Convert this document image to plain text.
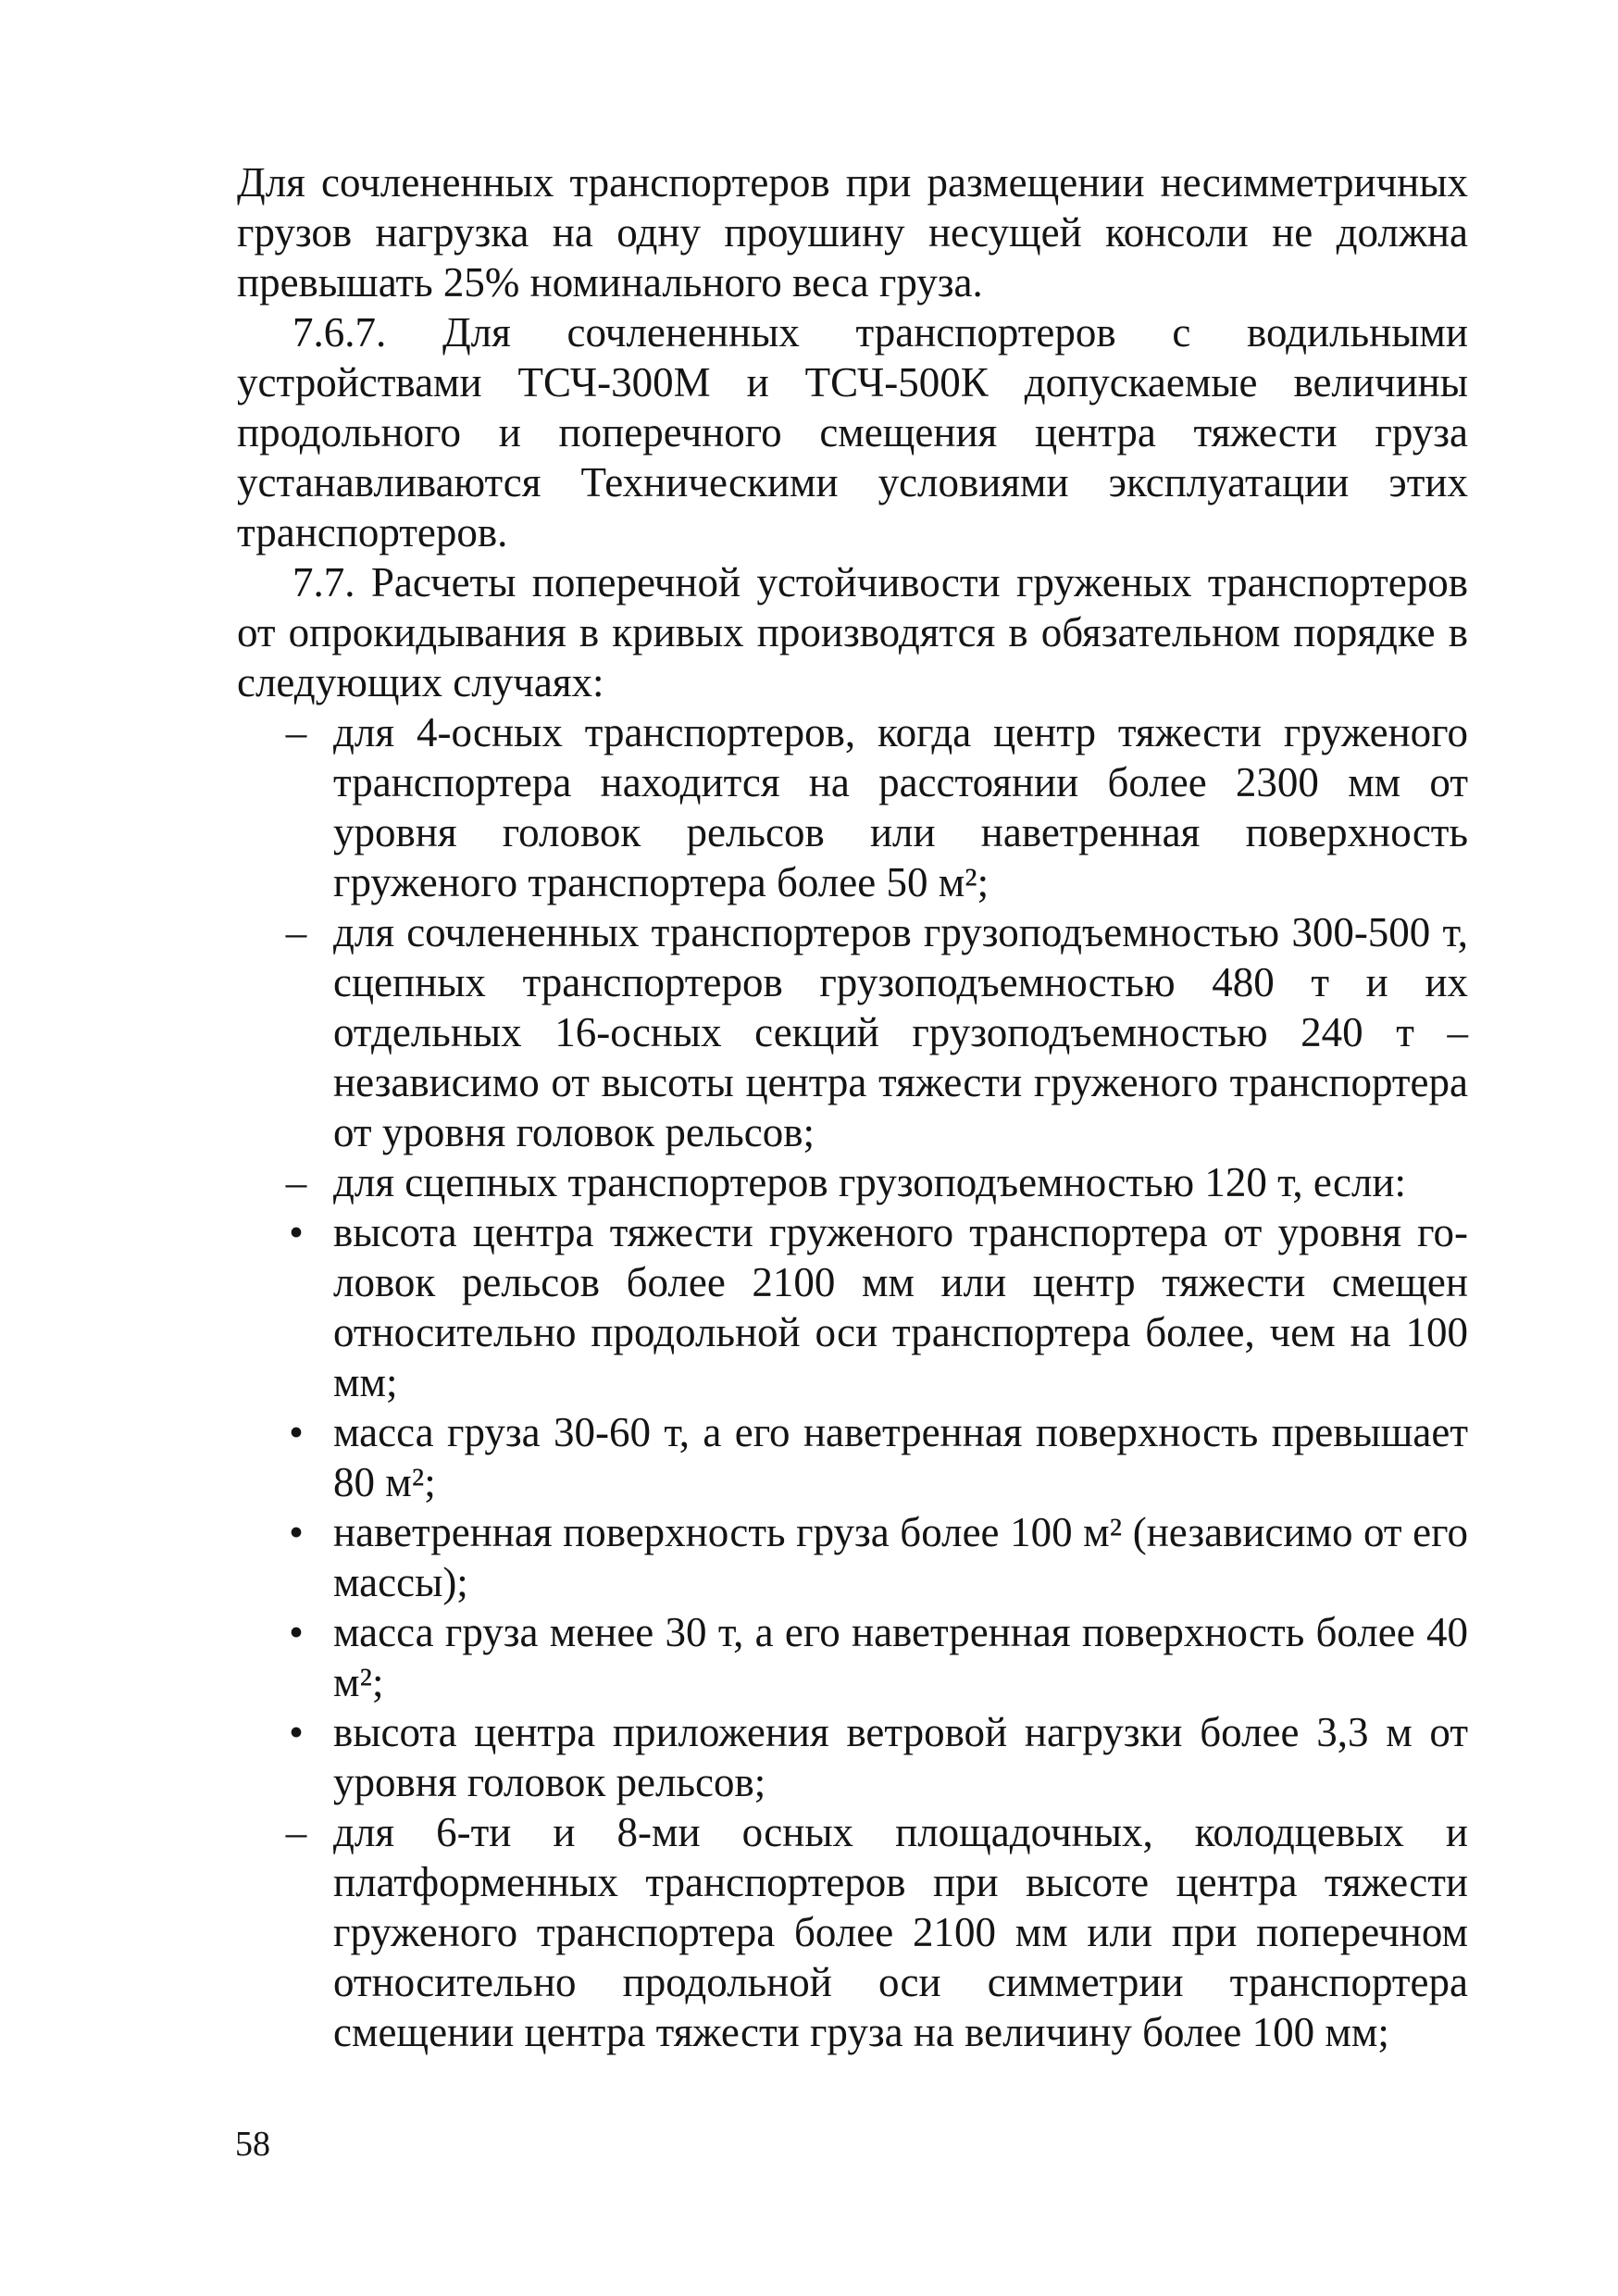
Для сочлененных транспортеров при размещении несимметричных грузов нагрузка на одну проушину несущей консоли не должна превышать 25% номинального веса груза.

7.6.7. Для сочлененных транспортеров с водильными устройствами ТСЧ-300М и ТСЧ-500К допускаемые величины продольного и поперечного смещения центра тяжести груза устанавливаются Техническими условиями эксплуатации этих транспортеров.

7.7. Расчеты поперечной устойчивости груженых транспортеров от опрокидывания в кривых производятся в обязательном порядке в следующих случаях:

– для 4-осных транспортеров, когда центр тяжести груженого транспортера находится на расстоянии более 2300 мм от уровня головок рельсов или наветренная поверхность груженого транспортера более 50 м²;
– для сочлененных транспортеров грузоподъемностью 300-500 т, сцепных транспортеров грузоподъемностью 480 т и их отдельных 16-осных секций грузоподъемностью 240 т – независимо от высоты центра тяжести груженого транспортера от уровня головок рельсов;
– для сцепных транспортеров грузоподъемностью 120 т, если:
• высота центра тяжести груженого транспортера от уровня го-ловок рельсов более 2100 мм или центр тяжести смещен относительно продольной оси транспортера более, чем на 100 мм;
• масса груза 30-60 т, а его наветренная поверхность превышает 80 м²;
• наветренная поверхность груза более 100 м² (независимо от его массы);
• масса груза менее 30 т, а его наветренная поверхность более 40 м²;
• высота центра приложения ветровой нагрузки более 3,3 м от уровня головок рельсов;
– для 6-ти и 8-ми осных площадочных, колодцевых и платформенных транспортеров при высоте центра тяжести груженого транспортера более 2100 мм или при поперечном относительно продольной оси симметрии транспортера смещении центра тяжести груза на величину более 100 мм;
58
